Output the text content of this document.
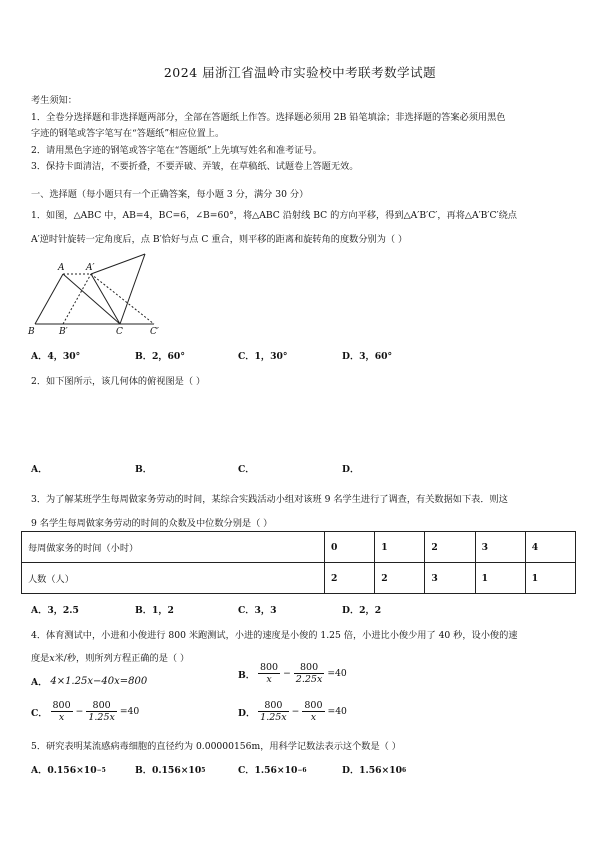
2024 届浙江省温岭市实验校中考联考数学试题
考生须知：
1．全卷分选择题和非选择题两部分，全部在答题纸上作答。选择题必须用 2B 铅笔填涂；非选择题的答案必须用黑色
字迹的钢笔或答字笔写在“答题纸”相应位置上。
2．请用黑色字迹的钢笔或答字笔在“答题纸”上先填写姓名和准考证号。
3．保持卡面清洁，不要折叠，不要弄破、弄皱，在草稿纸、试题卷上答题无效。
一、选择题（每小题只有一个正确答案，每小题 3 分，满分 30 分）
1．如图，△ABC 中，AB=4，BC=6，∠B=60°，将△ABC 沿射线 BC 的方向平移，得到△A′B′C′，再将△A′B′C′绕点
A′逆时针旋转一定角度后，点 B′恰好与点 C 重合，则平移的距离和旋转角的度数分别为（ ）
A A′
B	B′	C	C′
A．4，30°	B．2，60°	C．1，30°	D．3，60°
2．如下图所示，该几何体的俯视图是（ ）
A．	B．	C．	D．
3．为了解某班学生每周做家务劳动的时间，某综合实践活动小组对该班 9 名学生进行了调查，有关数据如下表．则这
9 名学生每周做家务劳动的时间的众数及中位数分别是（ ）
每周做家务的时间（小时）	0	1	2	3	4
人数（人）	2	2	3	1	1
A．3，2.5	B．1，2	C．3，3	D．2，2
4．体育测试中，小进和小俊进行 800 米跑测试，小进的速度是小俊的 1.25 倍，小进比小俊少用了 40 秒，设小俊的速
度是x米/秒，则所列方程正确的是（ ）
A． 4×1.25x−40x=800
B． $\frac{800}{x} - \frac{800}{2.25x} =40$
C． $\frac{800}{x} - \frac{800}{1.25x} =40$	D． $\frac{800}{1.25x} - \frac{800}{x} =40$
5．研究表明某流感病毒细胞的直径约为 0.00000156m，用科学记数法表示这个数是（ ）
A．$0.156\times 10^{-5}$	B．$0.156\times 10^5$	C．$1.56\times 10^{-6}$	D．$1.56\times 10^6$
